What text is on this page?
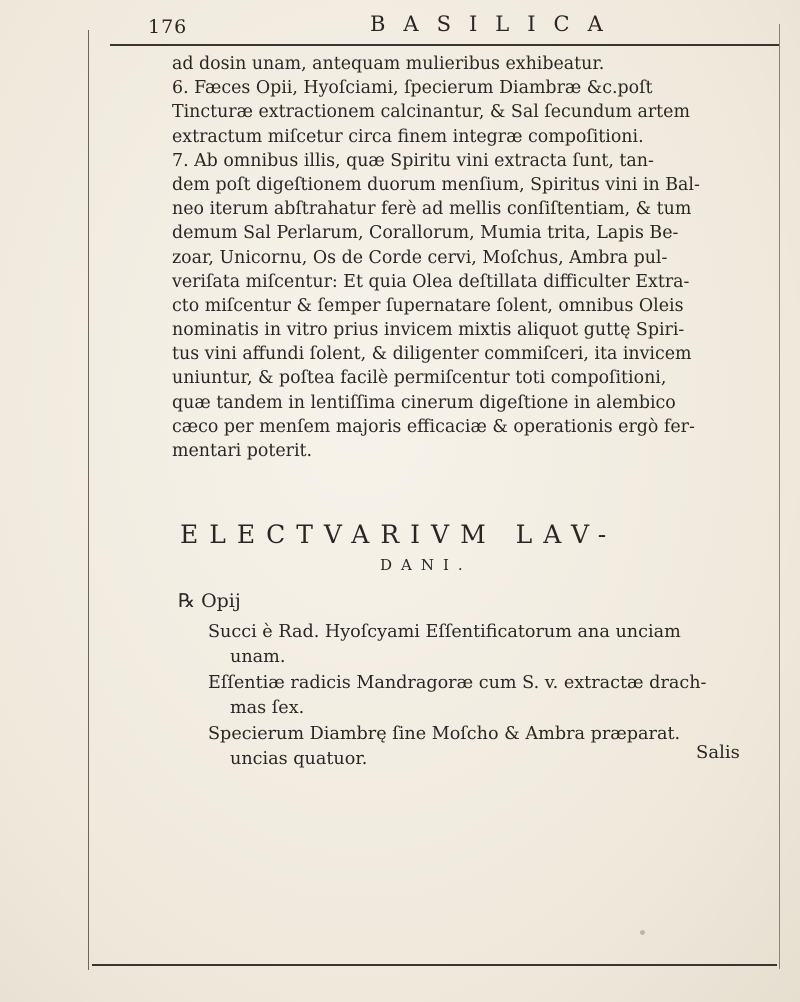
176	BASILICA
ad dosin unam, antequam mulieribus exhibeatur.
6. Fæces Opii, Hyoſciami, ſpecierum Diambræ &c.poſt
Tincturæ extractionem calcinantur, & Sal ſecundum artem
extractum miſcetur circa finem integræ compoſitioni.
7. Ab omnibus illis, quæ Spiritu vini extracta ſunt, tan-
dem poſt digeſtionem duorum menſium, Spiritus vini in Bal-
neo iterum abſtrahatur ferè ad mellis conſiſtentiam, & tum
demum Sal Perlarum, Corallorum, Mumia trita, Lapis Be-
zoar, Unicornu, Os de Corde cervi, Moſchus, Ambra pul-
veriſata miſcentur: Et quia Olea deſtillata difficulter Extra-
cto miſcentur & ſemper ſupernatare ſolent, omnibus Oleis
nominatis in vitro prius invicem mixtis aliquot guttę Spiri-
tus vini affundi ſolent, & diligenter commiſceri, ita invicem
uniuntur, & poſtea facilè permiſcentur toti compoſitioni,
quæ tandem in lentiſſima cinerum digeſtione in alembico
cæco per menſem majoris efficaciæ & operationis ergò fer-
mentari poterit.
ELECTVARIVM LAV-
DANI.
℞ Opij
Succi è Rad. Hyoſcyami Eſſentificatorum ana unciam
unam.
Eſſentiæ radicis Mandragoræ cum S. v. extractæ drach-
mas ſex.
Specierum Diambrę ſine Moſcho & Ambra præparat.
uncias quatuor.	Salis
